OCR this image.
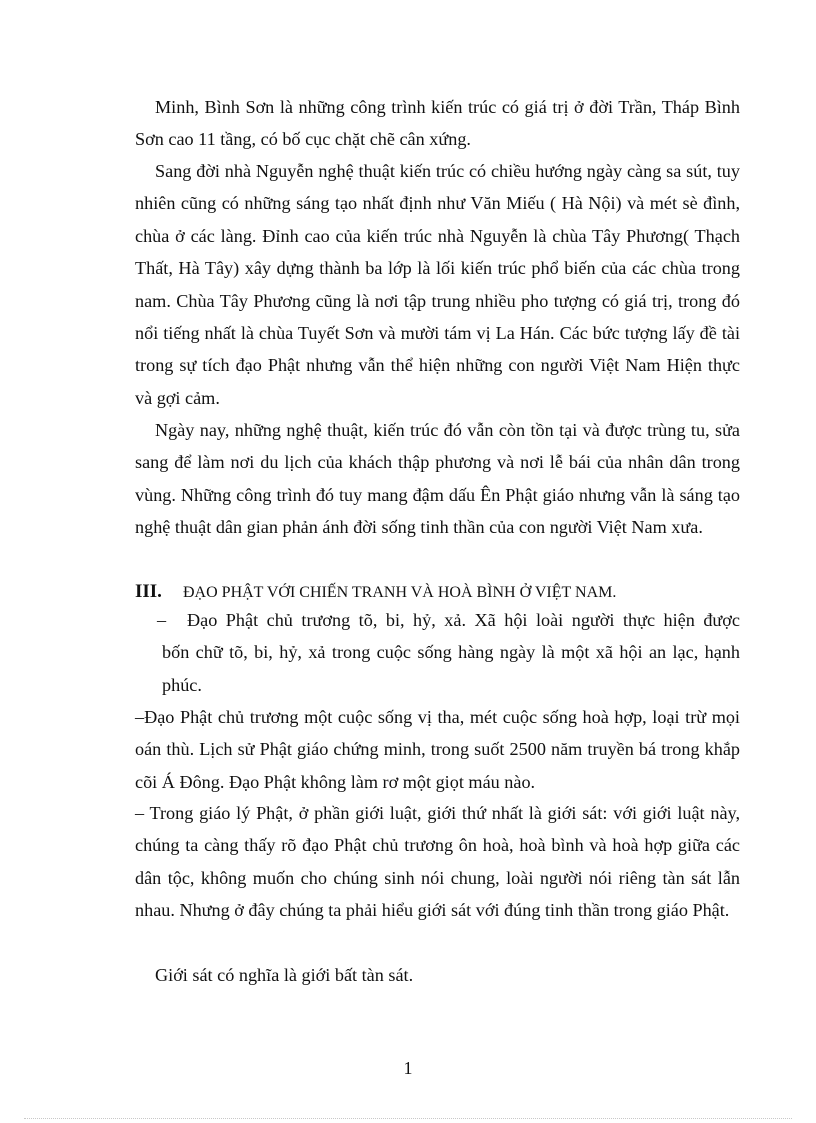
Minh, Bình Sơn là những công trình kiến trúc có giá trị ở đời Trần, Tháp Bình Sơn cao 11 tầng, có bố cục chặt chẽ cân xứng.
Sang đời nhà Nguyễn nghệ thuật kiến trúc có chiều hướng ngày càng sa sút, tuy nhiên cũng có những sáng tạo nhất định như Văn Miếu ( Hà Nội) và mét sè đình, chùa ở các làng. Đỉnh cao của kiến trúc nhà Nguyễn là chùa Tây Phương( Thạch Thất, Hà Tây) xây dựng thành ba lớp là lối kiến trúc phổ biến của các chùa trong nam. Chùa Tây Phương cũng là nơi tập trung nhiều pho tượng có giá trị, trong đó nổi tiếng nhất là chùa Tuyết Sơn và mười tám vị La Hán. Các bức tượng lấy đề tài trong sự tích đạo Phật nhưng vẫn thể hiện những con người Việt Nam Hiện thực và gợi cảm.
Ngày nay, những nghệ thuật, kiến trúc đó vẫn còn tồn tại và được trùng tu, sửa sang để làm nơi du lịch của khách thập phương và nơi lễ bái của nhân dân trong vùng. Những công trình đó tuy mang đậm dấu Ên Phật giáo nhưng vẫn là sáng tạo nghệ thuật dân gian phản ánh đời sống tinh thần của con người Việt Nam xưa.
III. ĐẠO PHẬT VỚI CHIẾN TRANH VÀ HOÀ BÌNH Ở VIỆT NAM.
–	Đạo Phật chủ trương tõ, bi, hỷ, xả. Xã hội loài người thực hiện được
bốn chữ tõ, bi, hỷ, xả trong cuộc sống hàng ngày là một xã hội an lạc, hạnh phúc.
–Đạo Phật chủ trương một cuộc sống vị tha, mét cuộc sống hoà hợp, loại trừ mọi oán thù. Lịch sử Phật giáo chứng minh, trong suốt 2500 năm truyền bá trong khắp cõi Á Đông. Đạo Phật không làm rơ một giọt máu nào.
– Trong giáo lý Phật, ở phần giới luật, giới thứ nhất là giới sát: với giới luật này, chúng ta càng thấy rõ đạo Phật chủ trương ôn hoà, hoà bình và hoà hợp giữa các dân tộc, không muốn cho chúng sinh nói chung, loài người nói riêng tàn sát lẫn nhau. Nhưng ở đây chúng ta phải hiểu giới sát với đúng tinh thần trong giáo Phật.
Giới sát có nghĩa là giới bất tàn sát.
1
